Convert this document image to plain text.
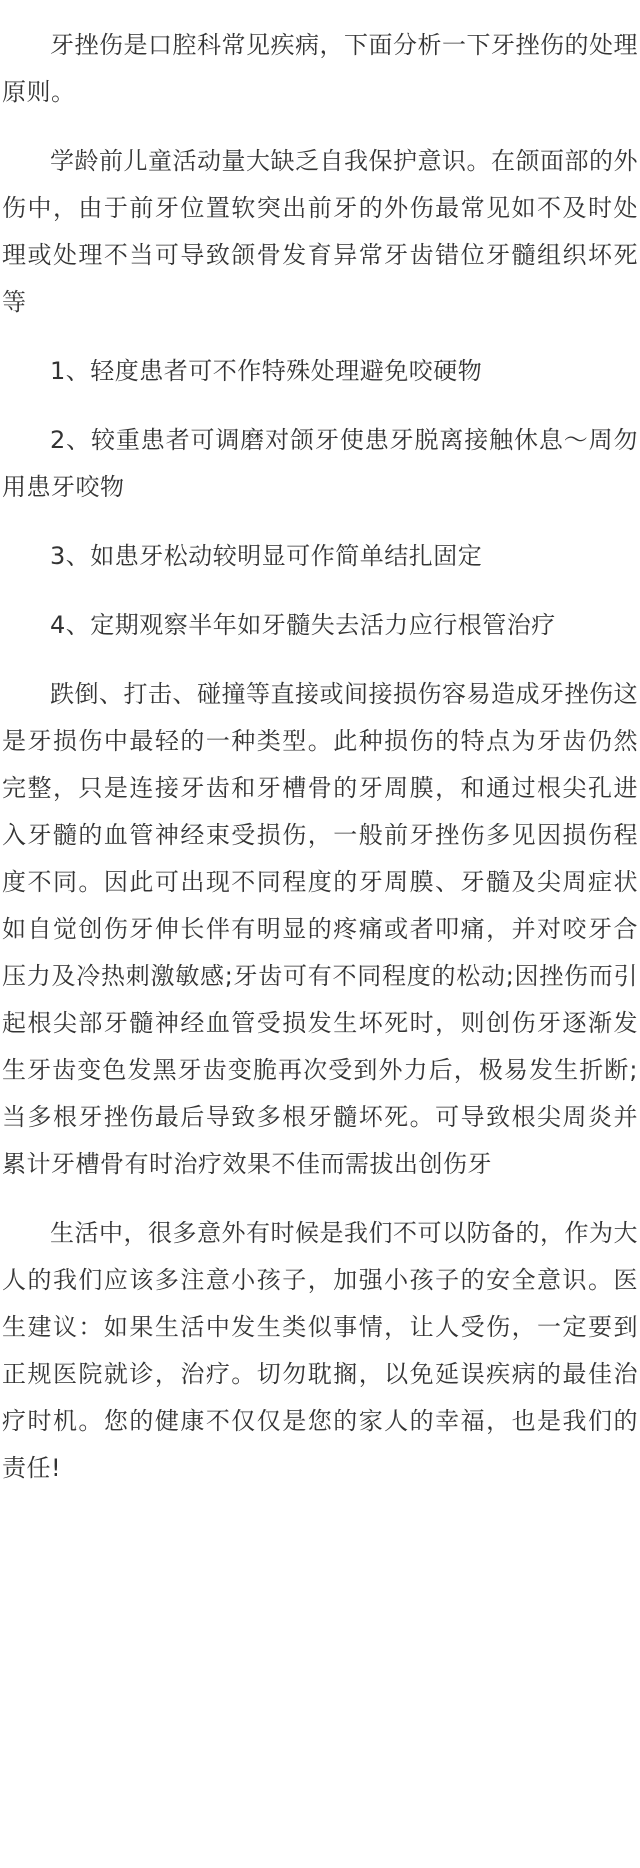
牙挫伤是口腔科常见疾病，下面分析一下牙挫伤的处理原则。

学龄前儿童活动量大缺乏自我保护意识。在颌面部的外伤中，由于前牙位置软突出前牙的外伤最常见如不及时处理或处理不当可导致颌骨发育异常牙齿错位牙髓组织坏死等

1、轻度患者可不作特殊处理避免咬硬物

2、较重患者可调磨对颌牙使患牙脱离接触休息～周勿用患牙咬物

3、如患牙松动较明显可作简单结扎固定

4、定期观察半年如牙髓失去活力应行根管治疗

跌倒、打击、碰撞等直接或间接损伤容易造成牙挫伤这是牙损伤中最轻的一种类型。此种损伤的特点为牙齿仍然完整，只是连接牙齿和牙槽骨的牙周膜，和通过根尖孔进入牙髓的血管神经束受损伤，一般前牙挫伤多见因损伤程度不同。因此可出现不同程度的牙周膜、牙髓及尖周症状如自觉创伤牙伸长伴有明显的疼痛或者叩痛，并对咬牙合压力及冷热刺激敏感;牙齿可有不同程度的松动;因挫伤而引起根尖部牙髓神经血管受损发生坏死时，则创伤牙逐渐发生牙齿变色发黑牙齿变脆再次受到外力后，极易发生折断;当多根牙挫伤最后导致多根牙髓坏死。可导致根尖周炎并累计牙槽骨有时治疗效果不佳而需拔出创伤牙

生活中，很多意外有时候是我们不可以防备的，作为大人的我们应该多注意小孩子，加强小孩子的安全意识。医生建议：如果生活中发生类似事情，让人受伤，一定要到正规医院就诊，治疗。切勿耽搁，以免延误疾病的最佳治疗时机。您的健康不仅仅是您的家人的幸福，也是我们的责任!
